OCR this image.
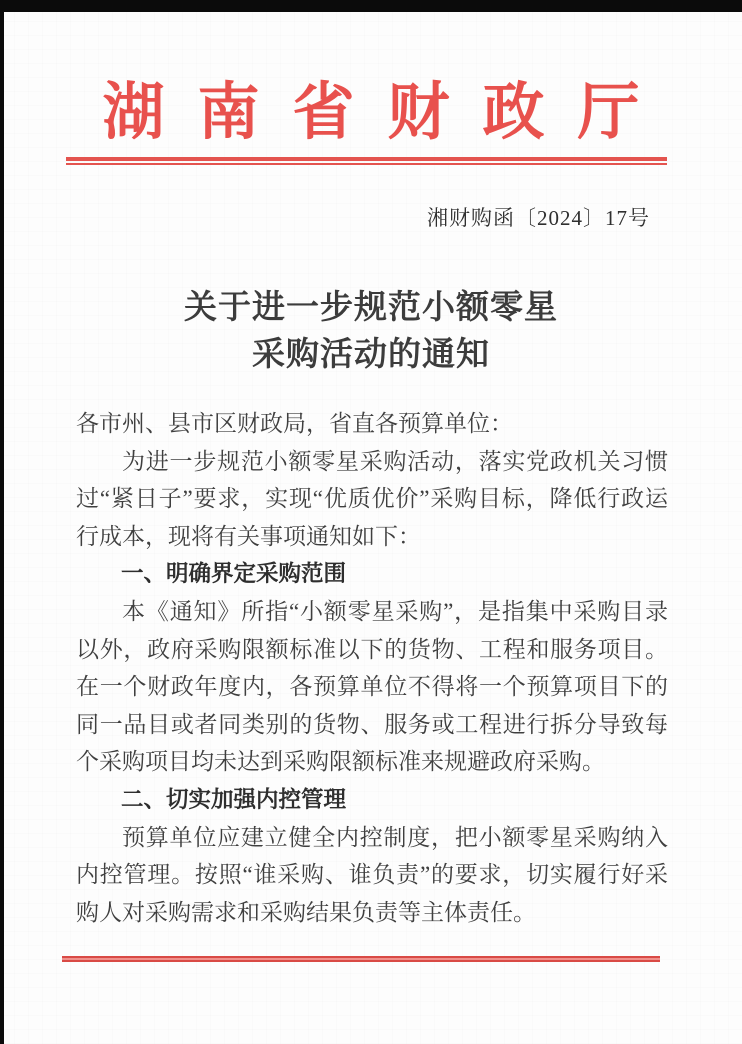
湖南省财政厅
湘财购函〔2024〕17号
关于进一步规范小额零星
采购活动的通知

各市州、县市区财政局，省直各预算单位：

为进一步规范小额零星采购活动，落实党政机关习惯过“紧日子”要求，实现“优质优价”采购目标，降低行政运行成本，现将有关事项通知如下：

一、明确界定采购范围

本《通知》所指“小额零星采购”，是指集中采购目录以外，政府采购限额标准以下的货物、工程和服务项目。在一个财政年度内，各预算单位不得将一个预算项目下的同一品目或者同类别的货物、服务或工程进行拆分导致每个采购项目均未达到采购限额标准来规避政府采购。

二、切实加强内控管理

预算单位应建立健全内控制度，把小额零星采购纳入内控管理。按照“谁采购、谁负责”的要求，切实履行好采购人对采购需求和采购结果负责等主体责任。
